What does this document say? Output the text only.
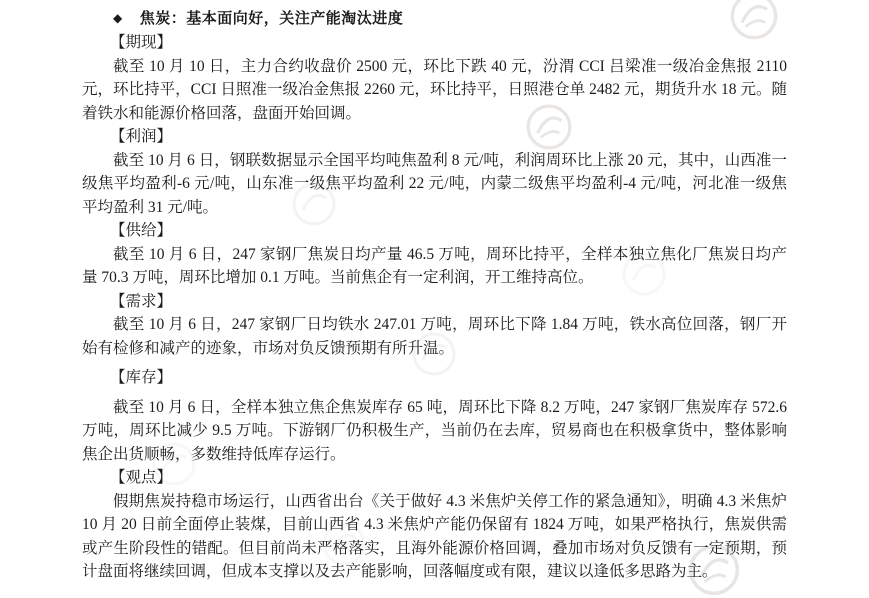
◆ 焦炭：基本面向好，关注产能淘汰进度

【期现】

截至 10 月 10 日，主力合约收盘价 2500 元，环比下跌 40 元，汾渭 CCI 吕梁准一级冶金焦报 2110 元，环比持平，CCI 日照准一级冶金焦报 2260 元，环比持平，日照港仓单 2482 元，期货升水 18 元。随着铁水和能源价格回落，盘面开始回调。

【利润】

截至 10 月 6 日，钢联数据显示全国平均吨焦盈利 8 元/吨，利润周环比上涨 20 元，其中，山西准一级焦平均盈利-6 元/吨，山东准一级焦平均盈利 22 元/吨，内蒙二级焦平均盈利-4 元/吨，河北准一级焦平均盈利 31 元/吨。

【供给】

截至 10 月 6 日，247 家钢厂焦炭日均产量 46.5 万吨，周环比持平，全样本独立焦化厂焦炭日均产量 70.3 万吨，周环比增加 0.1 万吨。当前焦企有一定利润，开工维持高位。

【需求】

截至 10 月 6 日，247 家钢厂日均铁水 247.01 万吨，周环比下降 1.84 万吨，铁水高位回落，钢厂开始有检修和减产的迹象，市场对负反馈预期有所升温。

【库存】

截至 10 月 6 日，全样本独立焦企焦炭库存 65 吨，周环比下降 8.2 万吨，247 家钢厂焦炭库存 572.6 万吨，周环比减少 9.5 万吨。下游钢厂仍积极生产，当前仍在去库，贸易商也在积极拿货中，整体影响焦企出货顺畅，多数维持低库存运行。

【观点】

假期焦炭持稳市场运行，山西省出台《关于做好 4.3 米焦炉关停工作的紧急通知》，明确 4.3 米焦炉 10 月 20 日前全面停止装煤，目前山西省 4.3 米焦炉产能仍保留有 1824 万吨，如果严格执行，焦炭供需或产生阶段性的错配。但目前尚未严格落实，且海外能源价格回调，叠加市场对负反馈有一定预期，预计盘面将继续回调，但成本支撑以及去产能影响，回落幅度或有限，建议以逢低多思路为主。
